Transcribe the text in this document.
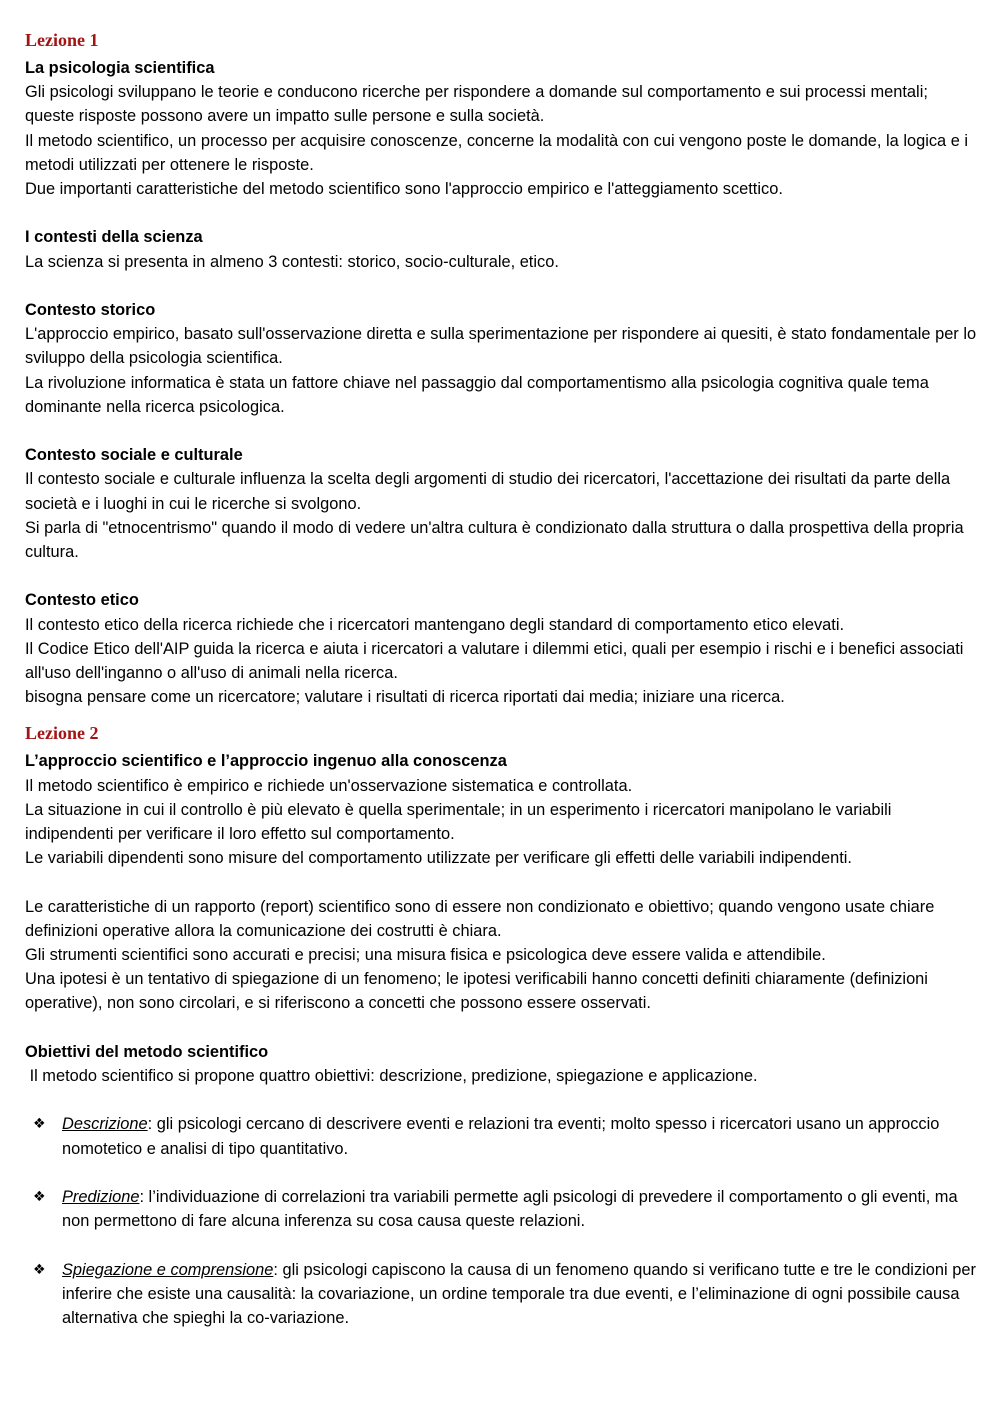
Lezione 1
La psicologia scientifica
Gli psicologi sviluppano le teorie e conducono ricerche per rispondere a domande sul comportamento e sui processi mentali; queste risposte possono avere un impatto sulle persone e sulla società.
Il metodo scientifico, un processo per acquisire conoscenze, concerne la modalità con cui vengono poste le domande, la logica e i metodi utilizzati per ottenere le risposte.
Due importanti caratteristiche del metodo scientifico sono l'approccio empirico e l'atteggiamento scettico.
I contesti della scienza
La scienza si presenta in almeno 3 contesti: storico, socio-culturale, etico.
Contesto storico
L'approccio empirico, basato sull'osservazione diretta e sulla sperimentazione per rispondere ai quesiti, è stato fondamentale per lo sviluppo della psicologia scientifica.
La rivoluzione informatica è stata un fattore chiave nel passaggio dal comportamentismo alla psicologia cognitiva quale tema dominante nella ricerca psicologica.
Contesto sociale e culturale
Il contesto sociale e culturale influenza la scelta degli argomenti di studio dei ricercatori, l'accettazione dei risultati da parte della società e i luoghi in cui le ricerche si svolgono.
Si parla di "etnocentrismo" quando il modo di vedere un'altra cultura è condizionato dalla struttura o dalla prospettiva della propria cultura.
Contesto etico
Il contesto etico della ricerca richiede che i ricercatori mantengano degli standard di comportamento etico elevati.
Il Codice Etico dell'AIP guida la ricerca e aiuta i ricercatori a valutare i dilemmi etici, quali per esempio i rischi e i benefici associati all'uso dell'inganno o all'uso di animali nella ricerca.
bisogna pensare come un ricercatore; valutare i risultati di ricerca riportati dai media; iniziare una ricerca.
Lezione 2
L’approccio scientifico e l’approccio ingenuo alla conoscenza
Il metodo scientifico è empirico e richiede un'osservazione sistematica e controllata.
La situazione in cui il controllo è più elevato è quella sperimentale; in un esperimento i ricercatori manipolano le variabili indipendenti per verificare il loro effetto sul comportamento.
Le variabili dipendenti sono misure del comportamento utilizzate per verificare gli effetti delle variabili indipendenti.
Le caratteristiche di un rapporto (report) scientifico sono di essere non condizionato e obiettivo; quando vengono usate chiare definizioni operative allora la comunicazione dei costrutti è chiara.
Gli strumenti scientifici sono accurati e precisi; una misura fisica e psicologica deve essere valida e attendibile.
Una ipotesi è un tentativo di spiegazione di un fenomeno; le ipotesi verificabili hanno concetti definiti chiaramente (definizioni operative), non sono circolari, e si riferiscono a concetti che possono essere osservati.
Obiettivi del metodo scientifico
Il metodo scientifico si propone quattro obiettivi: descrizione, predizione, spiegazione e applicazione.
❖ Descrizione: gli psicologi cercano di descrivere eventi e relazioni tra eventi; molto spesso i ricercatori usano un approccio nomotetico e analisi di tipo quantitativo.
❖ Predizione: l’individuazione di correlazioni tra variabili permette agli psicologi di prevedere il comportamento o gli eventi, ma non permettono di fare alcuna inferenza su cosa causa queste relazioni.
❖ Spiegazione e comprensione: gli psicologi capiscono la causa di un fenomeno quando si verificano tutte e tre le condizioni per inferire che esiste una causalità: la covariazione, un ordine temporale tra due eventi, e l’eliminazione di ogni possibile causa alternativa che spieghi la co-variazione.
